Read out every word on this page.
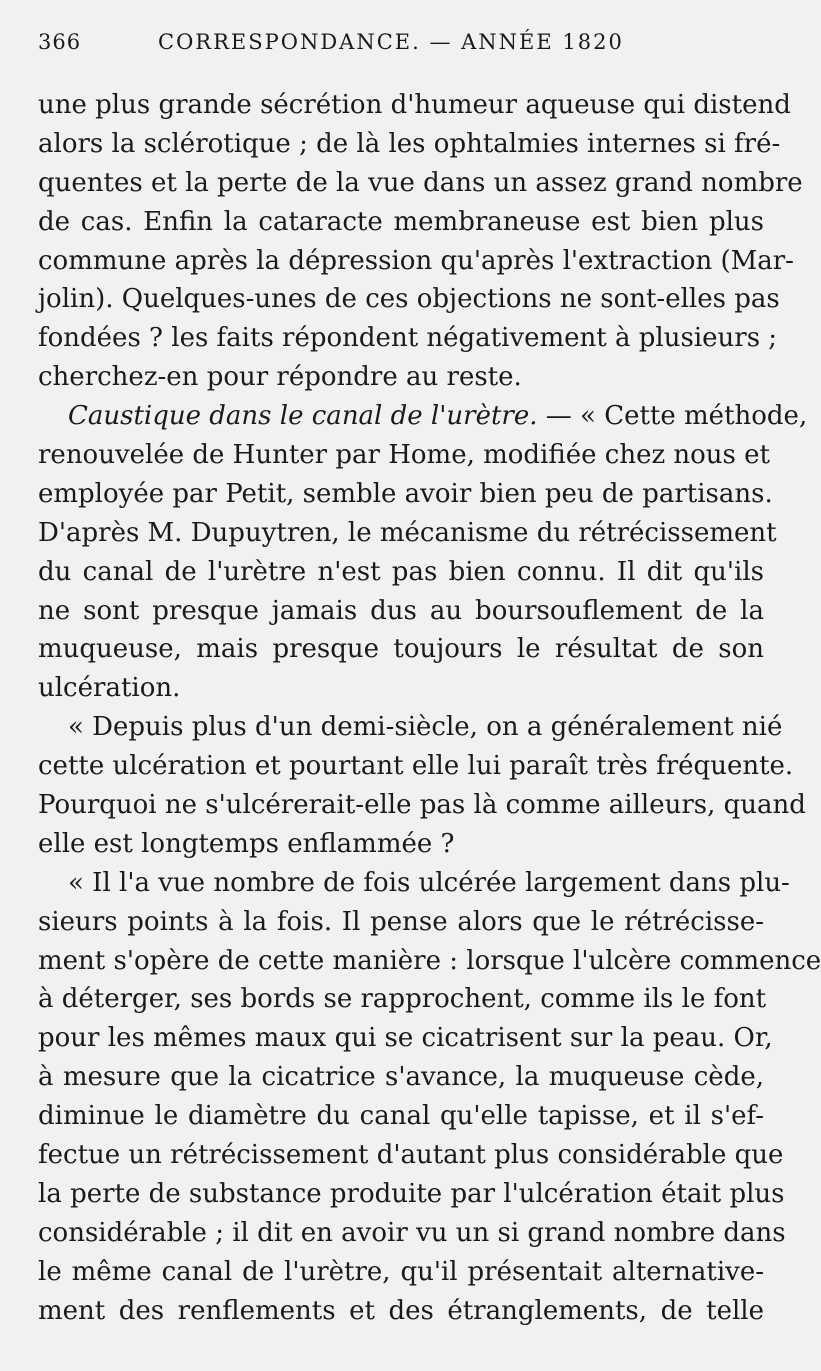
366	CORRESPONDANCE. — ANNÉE 1820
une plus grande sécrétion d'humeur aqueuse qui distend
alors la sclérotique ; de là les ophtalmies internes si fré-
quentes et la perte de la vue dans un assez grand nombre
de cas. Enfin la cataracte membraneuse est bien plus
commune après la dépression qu'après l'extraction (Mar-
jolin). Quelques-unes de ces objections ne sont-elles pas
fondées ? les faits répondent négativement à plusieurs ;
cherchez-en pour répondre au reste.
Caustique dans le canal de l'urètre. — « Cette méthode,
renouvelée de Hunter par Home, modifiée chez nous et
employée par Petit, semble avoir bien peu de partisans.
D'après M. Dupuytren, le mécanisme du rétrécissement
du canal de l'urètre n'est pas bien connu. Il dit qu'ils
ne sont presque jamais dus au boursouflement de la
muqueuse, mais presque toujours le résultat de son
ulcération.
« Depuis plus d'un demi-siècle, on a généralement nié
cette ulcération et pourtant elle lui paraît très fréquente.
Pourquoi ne s'ulcérerait-elle pas là comme ailleurs, quand
elle est longtemps enflammée ?
« Il l'a vue nombre de fois ulcérée largement dans plu-
sieurs points à la fois. Il pense alors que le rétrécisse-
ment s'opère de cette manière : lorsque l'ulcère commence
à déterger, ses bords se rapprochent, comme ils le font
pour les mêmes maux qui se cicatrisent sur la peau. Or,
à mesure que la cicatrice s'avance, la muqueuse cède,
diminue le diamètre du canal qu'elle tapisse, et il s'ef-
fectue un rétrécissement d'autant plus considérable que
la perte de substance produite par l'ulcération était plus
considérable ; il dit en avoir vu un si grand nombre dans
le même canal de l'urètre, qu'il présentait alternative-
ment des renflements et des étranglements, de telle
